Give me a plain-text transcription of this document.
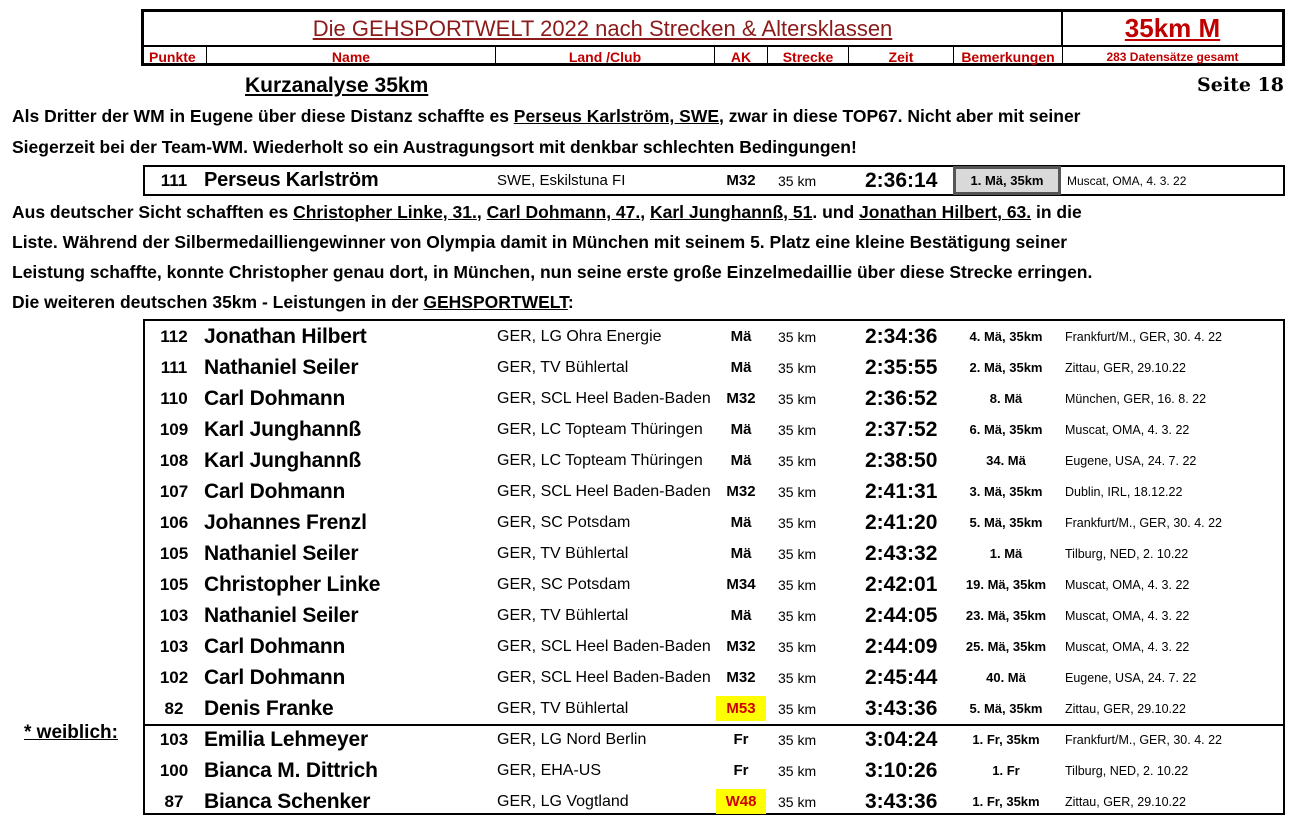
Die GEHSPORTWELT 2022 nach Strecken & Altersklassen	35km M
Punkte	Name	Land /Club	AK	Strecke	Zeit	Bemerkungen	283 Datensätze gesamt
Kurzanalyse 35km	Seite 18
Als Dritter der WM in Eugene über diese Distanz schaffte es Perseus Karlström, SWE, zwar in diese TOP67. Nicht aber mit seiner
Siegerzeit bei der Team-WM. Wiederholt so ein Austragungsort mit denkbar schlechten Bedingungen!
111 Perseus Karlström	SWE, Eskilstuna FI	M32	35 km 2:36:14	1. Mä, 35km	Muscat, OMA, 4. 3. 22
Aus deutscher Sicht schafften es Christopher Linke, 31., Carl Dohmann, 47., Karl Junghannß, 51. und Jonathan Hilbert, 63. in die
Liste. Während der Silbermedailliengewinner von Olympia damit in München mit seinem 5. Platz eine kleine Bestätigung seiner
Leistung schaffte, konnte Christopher genau dort, in München, nun seine erste große Einzelmedaillie über diese Strecke erringen.
Die weiteren deutschen 35km - Leistungen in der GEHSPORTWELT:
112 Jonathan Hilbert	GER, LG Ohra Energie	Mä	35 km 2:34:36	4. Mä, 35km	Frankfurt/M., GER, 30. 4. 22
111 Nathaniel Seiler	GER, TV Bühlertal	Mä	35 km 2:35:55	2. Mä, 35km	Zittau, GER, 29.10.22
110 Carl Dohmann	GER, SCL Heel Baden-Baden	M32	35 km 2:36:52	8. Mä	München, GER, 16. 8. 22
109 Karl Junghannß	GER, LC Topteam Thüringen	Mä	35 km 2:37:52	6. Mä, 35km	Muscat, OMA, 4. 3. 22
108 Karl Junghannß	GER, LC Topteam Thüringen	Mä	35 km 2:38:50	34. Mä	Eugene, USA, 24. 7. 22
107 Carl Dohmann	GER, SCL Heel Baden-Baden	M32	35 km 2:41:31	3. Mä, 35km	Dublin, IRL, 18.12.22
106 Johannes Frenzl	GER, SC Potsdam	Mä	35 km 2:41:20	5. Mä, 35km	Frankfurt/M., GER, 30. 4. 22
105 Nathaniel Seiler	GER, TV Bühlertal	Mä	35 km 2:43:32	1. Mä	Tilburg, NED, 2. 10.22
105 Christopher Linke	GER, SC Potsdam	M34	35 km 2:42:01	19. Mä, 35km	Muscat, OMA, 4. 3. 22
103 Nathaniel Seiler	GER, TV Bühlertal	Mä	35 km 2:44:05	23. Mä, 35km	Muscat, OMA, 4. 3. 22
103 Carl Dohmann	GER, SCL Heel Baden-Baden	M32	35 km 2:44:09	25. Mä, 35km	Muscat, OMA, 4. 3. 22
102 Carl Dohmann	GER, SCL Heel Baden-Baden	M32	35 km 2:45:44	40. Mä	Eugene, USA, 24. 7. 22
82 Denis Franke	GER, TV Bühlertal	M53	35 km 3:43:36	5. Mä, 35km	Zittau, GER, 29.10.22
103 Emilia Lehmeyer	GER, LG Nord Berlin	Fr	35 km 3:04:24	1. Fr, 35km	Frankfurt/M., GER, 30. 4. 22
100 Bianca M. Dittrich	GER, EHA-US	Fr	35 km 3:10:26	1. Fr	Tilburg, NED, 2. 10.22
87 Bianca Schenker	GER, LG Vogtland	W48	35 km 3:43:36	1. Fr, 35km	Zittau, GER, 29.10.22
* weiblich:
